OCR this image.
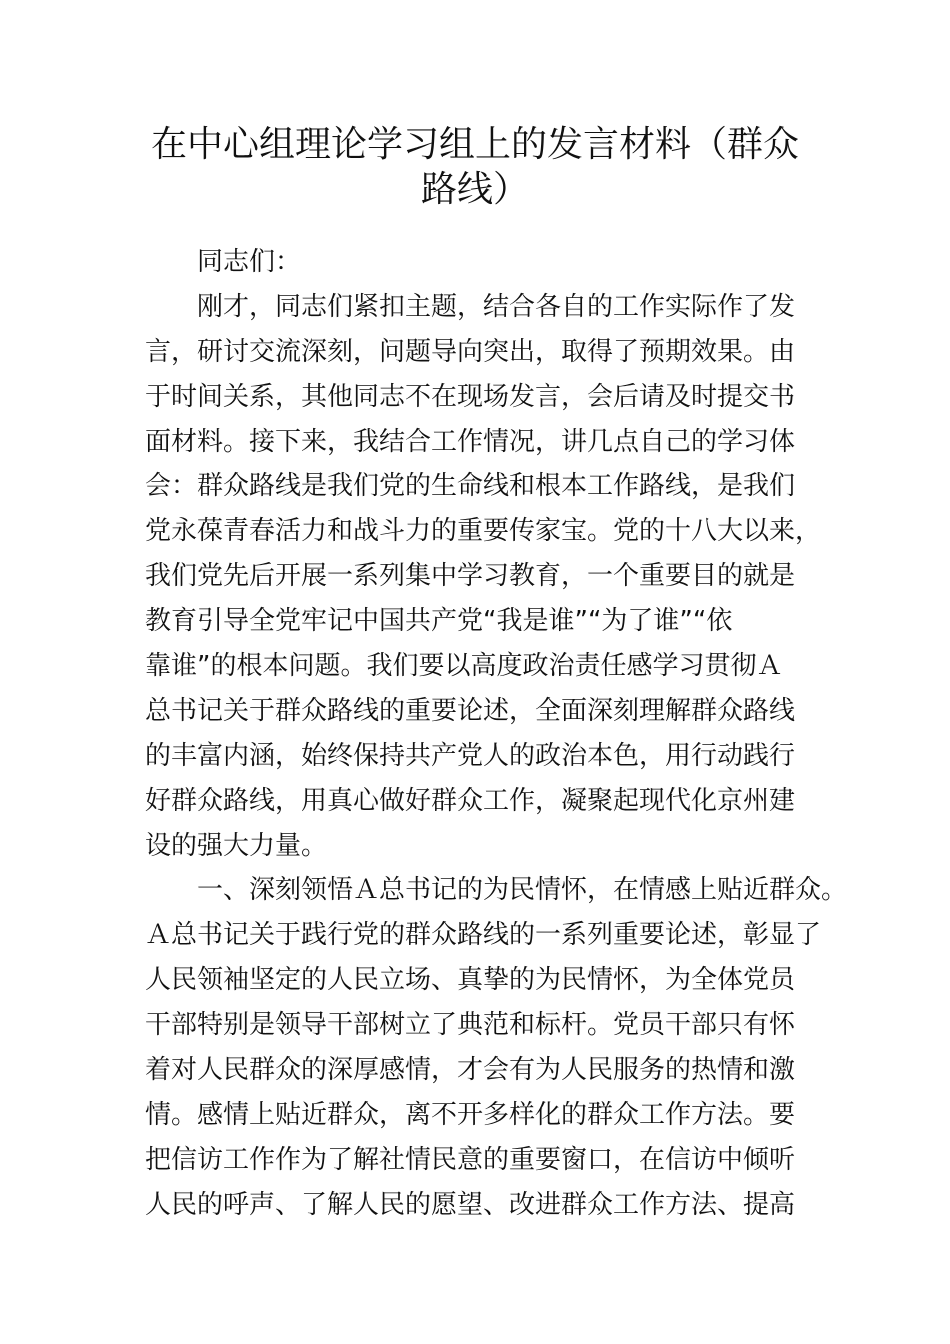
在中心组理论学习组上的发言材料（群众
路线）
同志们：
刚才，同志们紧扣主题，结合各自的工作实际作了发
言，研讨交流深刻，问题导向突出，取得了预期效果。由
于时间关系，其他同志不在现场发言，会后请及时提交书
面材料。接下来，我结合工作情况，讲几点自己的学习体
会：群众路线是我们党的生命线和根本工作路线，是我们
党永葆青春活力和战斗力的重要传家宝。党的十八大以来，
我们党先后开展一系列集中学习教育，一个重要目的就是
教育引导全党牢记中国共产党“我是谁”“为了谁”“依
靠谁”的根本问题。我们要以高度政治责任感学习贯彻Ａ
总书记关于群众路线的重要论述，全面深刻理解群众路线
的丰富内涵，始终保持共产党人的政治本色，用行动践行
好群众路线，用真心做好群众工作，凝聚起现代化京州建
设的强大力量。
一、深刻领悟Ａ总书记的为民情怀，在情感上贴近群众。
Ａ总书记关于践行党的群众路线的一系列重要论述，彰显了
人民领袖坚定的人民立场、真挚的为民情怀，为全体党员
干部特别是领导干部树立了典范和标杆。党员干部只有怀
着对人民群众的深厚感情，才会有为人民服务的热情和激
情。感情上贴近群众，离不开多样化的群众工作方法。要
把信访工作作为了解社情民意的重要窗口，在信访中倾听
人民的呼声、了解人民的愿望、改进群众工作方法、提高
